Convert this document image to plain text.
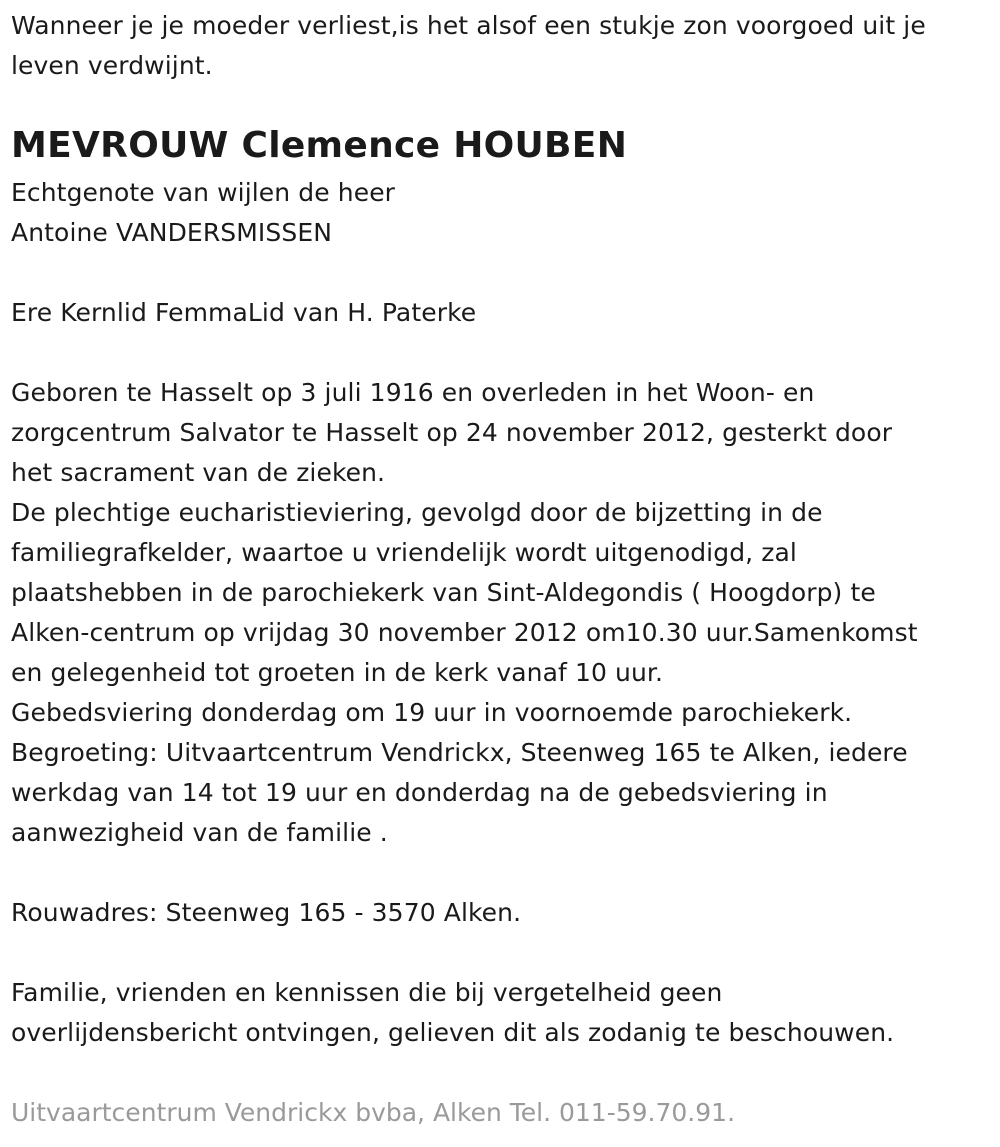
Wanneer je je moeder verliest,is het alsof een stukje zon voorgoed uit je
leven verdwijnt.
MEVROUW Clemence HOUBEN
Echtgenote van wijlen de heer
Antoine VANDERSMISSEN
Ere Kernlid FemmaLid van H. Paterke
Geboren te Hasselt op 3 juli 1916 en overleden in het Woon- en
zorgcentrum Salvator te Hasselt op 24 november 2012, gesterkt door
het sacrament van de zieken.
De plechtige eucharistieviering, gevolgd door de bijzetting in de
familiegrafkelder, waartoe u vriendelijk wordt uitgenodigd, zal
plaatshebben in de parochiekerk van Sint-Aldegondis ( Hoogdorp) te
Alken-centrum op vrijdag 30 november 2012 om10.30 uur.Samenkomst
en gelegenheid tot groeten in de kerk vanaf 10 uur.
Gebedsviering donderdag om 19 uur in voornoemde parochiekerk.
Begroeting: Uitvaartcentrum Vendrickx, Steenweg 165 te Alken, iedere
werkdag van 14 tot 19 uur en donderdag na de gebedsviering in
aanwezigheid van de familie .
Rouwadres: Steenweg 165 - 3570 Alken.
Familie, vrienden en kennissen die bij vergetelheid geen
overlijdensbericht ontvingen, gelieven dit als zodanig te beschouwen.
Uitvaartcentrum Vendrickx bvba, Alken Tel. 011-59.70.91.
